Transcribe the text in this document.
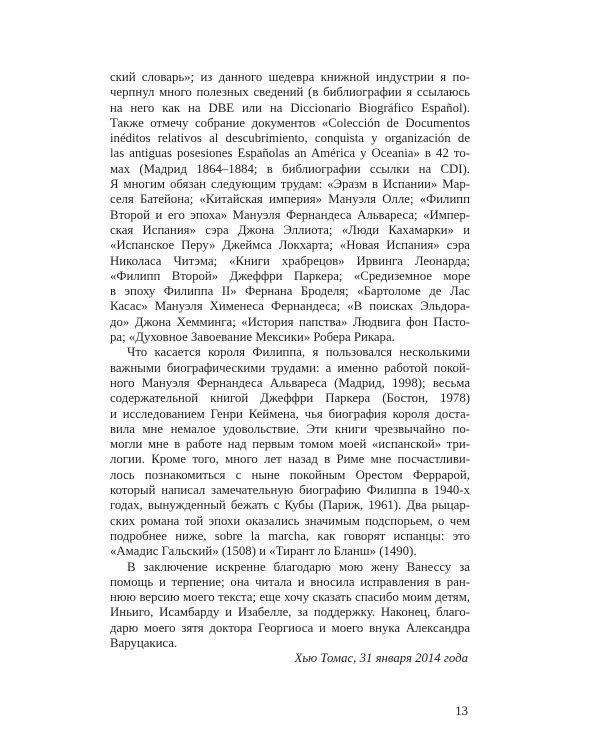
ский словарь»; из данного шедевра книжной индустрии я по-
черпнул много полезных сведений (в библиографии я ссылаюсь
на него как на DBE или на Diccionario Biográfico Español).
Также отмечу собрание документов «Colección de Documentos
inéditos relativos al descubrimiento, conquista y organización de
las antiguas posesiones Españolas an América y Oceania» в 42 то-
мах (Мадрид 1864–1884; в библиографии ссылки на CDI).
Я многим обязан следующим трудам: «Эразм в Испании» Мар-
селя Батейона; «Китайская империя» Мануэля Олле; «Филипп
Второй и его эпоха» Мануэля Фернандеса Альвареса; «Импер-
ская Испания» сэра Джона Эллиота; «Люди Кахамарки» и
«Испанское Перу» Джеймса Локхарта; «Новая Испания» сэра
Николаса Читэма; «Книги храбрецов» Ирвинга Леонарда;
«Филипп Второй» Джеффри Паркера; «Средиземное море
в эпоху Филиппа II» Фернана Броделя; «Бартоломе де Лас
Касас» Мануэля Хименеса Фернандеса; «В поисках Эльдора-
до» Джона Хемминга; «История папства» Людвига фон Пасто-
ра; «Духовное Завоевание Мексики» Робера Рикара.
Что касается короля Филиппа, я пользовался несколькими
важными биографическими трудами: а именно работой покой-
ного Мануэля Фернандеса Альвареса (Мадрид, 1998); весьма
содержательной книгой Джеффри Паркера (Бостон, 1978)
и исследованием Генри Кеймена, чья биография короля доста-
вила мне немалое удовольствие. Эти книги чрезвычайно по-
могли мне в работе над первым томом моей «испанской» три-
логии. Кроме того, много лет назад в Риме мне посчастливи-
лось познакомиться с ныне покойным Орестом Феррарой,
который написал замечательную биографию Филиппа в 1940-х
годах, вынужденный бежать с Кубы (Париж, 1961). Два рыцар-
ских романа той эпохи оказались значимым подспорьем, о чем
подробнее ниже, sobre la marcha, как говорят испанцы: это
«Амадис Гальский» (1508) и «Тирант ло Бланш» (1490).
В заключение искренне благодарю мою жену Ванессу за
помощь и терпение; она читала и вносила исправления в ран-
нюю версию моего текста; еще хочу сказать спасибо моим детям,
Иньиго, Исамбарду и Изабелле, за поддержку. Наконец, благо-
дарю моего зятя доктора Георгиоса и моего внука Александра
Варуцакиса.
Хью Томас, 31 января 2014 года
13
